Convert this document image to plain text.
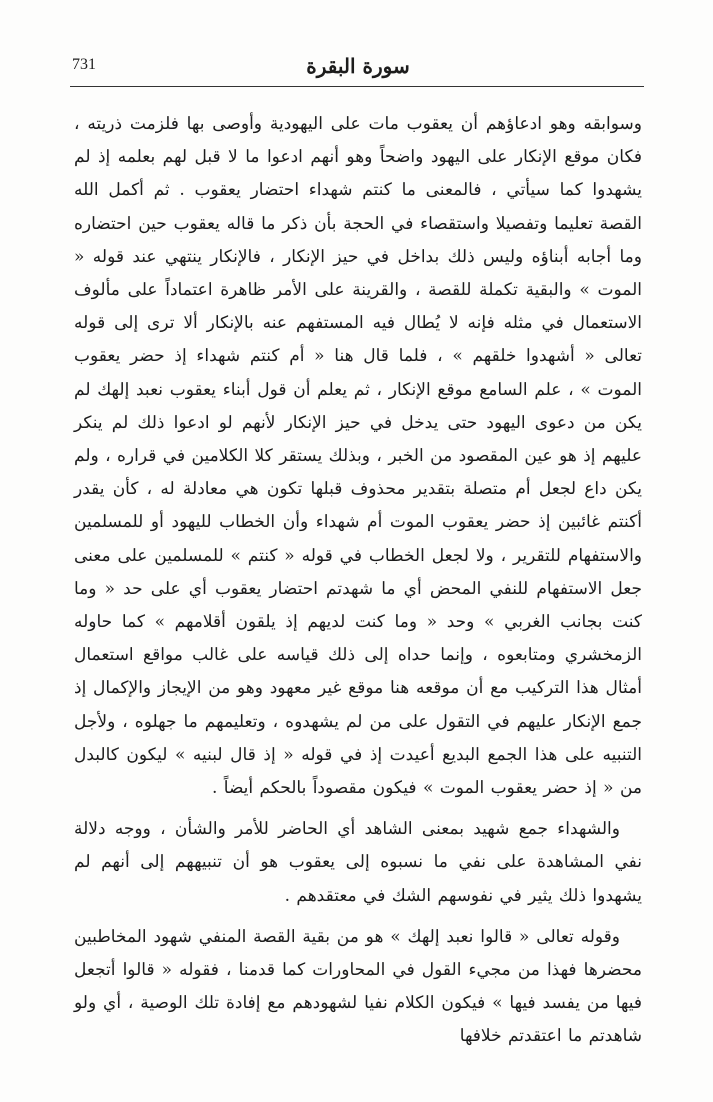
731	سورة البقرة

وسوابقه وهو ادعاؤهم أن يعقوب مات على اليهودية وأوصى بها فلزمت ذريته ، فكان موقع الإنكار على اليهود واضحاً وهو أنهم ادعوا ما لا قبل لهم بعلمه إذ لم يشهدوا كما سيأتي ، فالمعنى ما كنتم شهداء احتضار يعقوب . ثم أكمل الله القصة تعليما وتفصيلا واستقصاء في الحجة بأن ذكر ما قاله يعقوب حين احتضاره وما أجابه أبناؤه وليس ذلك بداخل في حيز الإنكار ، فالإنكار ينتهي عند قوله « الموت » والبقية تكملة للقصة ، والقرينة على الأمر ظاهرة اعتماداً على مألوف الاستعمال في مثله فإنه لا يُطال فيه المستفهم عنه بالإنكار ألا ترى إلى قوله تعالى « أشهدوا خلقهم » ، فلما قال هنا « أم كنتم شهداء إذ حضر يعقوب الموت » ، علم السامع موقع الإنكار ، ثم يعلم أن قول أبناء يعقوب نعبد إلهك لم يكن من دعوى اليهود حتى يدخل في حيز الإنكار لأنهم لو ادعوا ذلك لم ينكر عليهم إذ هو عين المقصود من الخبر ، وبذلك يستقر كلا الكلامين في قراره ، ولم يكن داع لجعل أم متصلة بتقدير محذوف قبلها تكون هي معادلة له ، كأن يقدر أكنتم غائبين إذ حضر يعقوب الموت أم شهداء وأن الخطاب لليهود أو للمسلمين والاستفهام للتقرير ، ولا لجعل الخطاب في قوله « كنتم » للمسلمين على معنى جعل الاستفهام للنفي المحض أي ما شهدتم احتضار يعقوب أي على حد « وما كنت بجانب الغربي » وحد « وما كنت لديهم إذ يلقون أقلامهم » كما حاوله الزمخشري ومتابعوه ، وإنما حداه إلى ذلك قياسه على غالب مواقع استعمال أمثال هذا التركيب مع أن موقعه هنا موقع غير معهود وهو من الإيجاز والإكمال إذ جمع الإنكار عليهم في التقول على من لم يشهدوه ، وتعليمهم ما جهلوه ، ولأجل التنبيه على هذا الجمع البديع أعيدت إذ في قوله « إذ قال لبنيه » ليكون كالبدل من « إذ حضر يعقوب الموت » فيكون مقصوداً بالحكم أيضاً .

والشهداء جمع شهيد بمعنى الشاهد أي الحاضر للأمر والشأن ، ووجه دلالة نفي المشاهدة على نفي ما نسبوه إلى يعقوب هو أن تنبيههم إلى أنهم لم يشهدوا ذلك يثير في نفوسهم الشك في معتقدهم .

وقوله تعالى « قالوا نعبد إلهك » هو من بقية القصة المنفي شهود المخاطبين محضرها فهذا من مجيء القول في المحاورات كما قدمنا ، فقوله « قالوا أتجعل فيها من يفسد فيها » فيكون الكلام نفيا لشهودهم مع إفادة تلك الوصية ، أي ولو شاهدتم ما اعتقدتم خلافها
